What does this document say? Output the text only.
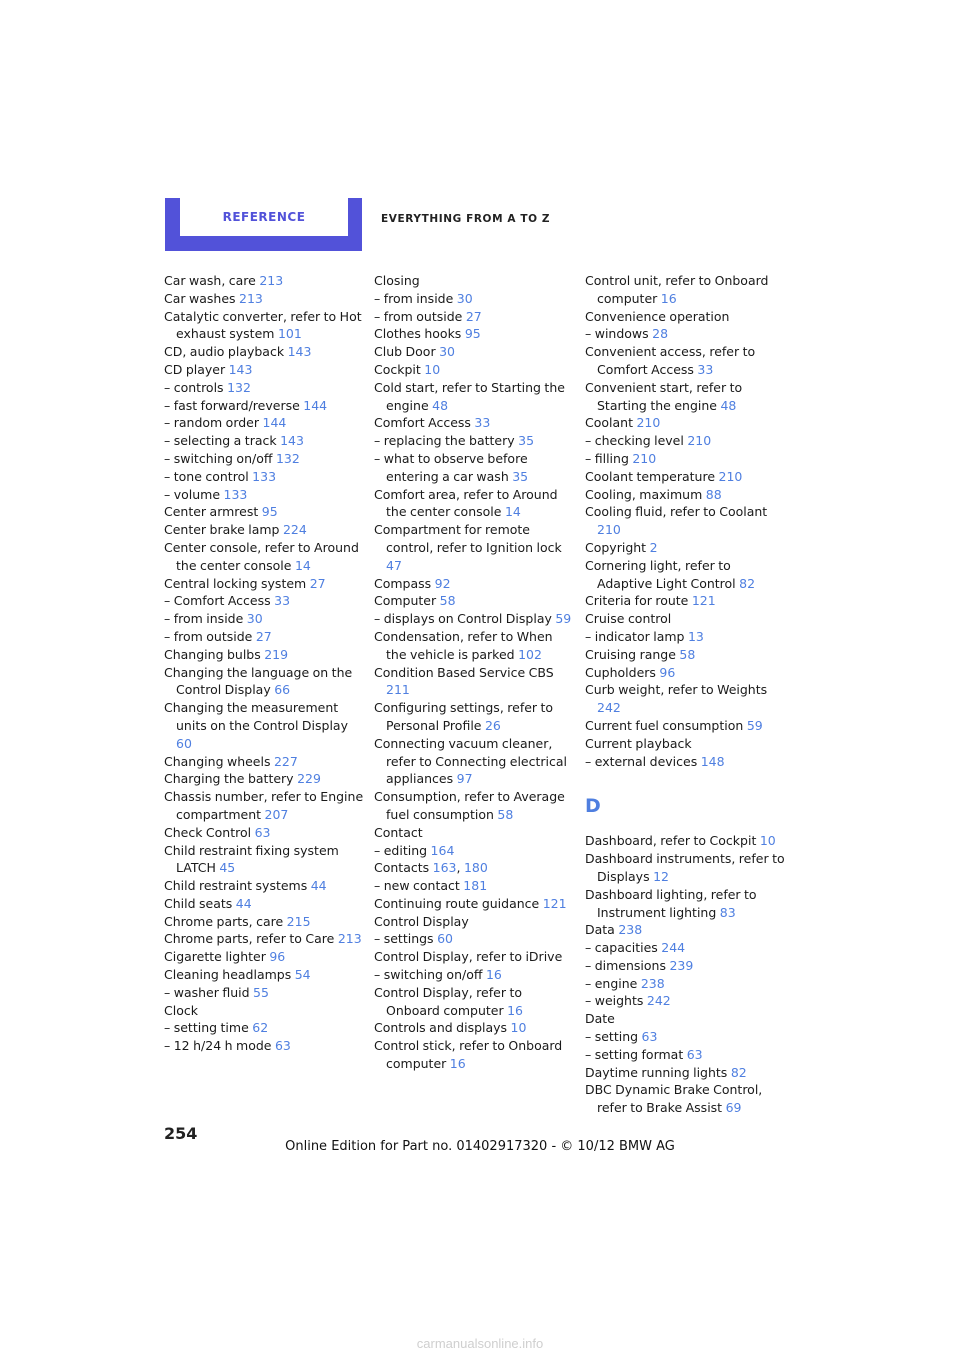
REFERENCE	EVERYTHING FROM A TO Z
Car wash, care 213
Car washes 213
Catalytic converter, refer to Hot exhaust system 101
CD, audio playback 143
CD player 143
– controls 132
– fast forward/reverse 144
– random order 144
– selecting a track 143
– switching on/off 132
– tone control 133
– volume 133
Center armrest 95
Center brake lamp 224
Center console, refer to Around the center console 14
Central locking system 27
– Comfort Access 33
– from inside 30
– from outside 27
Changing bulbs 219
Changing the language on the Control Display 66
Changing the measurement units on the Control Display 60
Changing wheels 227
Charging the battery 229
Chassis number, refer to Engine compartment 207
Check Control 63
Child restraint fixing system LATCH 45
Child restraint systems 44
Child seats 44
Chrome parts, care 215
Chrome parts, refer to Care 213
Cigarette lighter 96
Cleaning headlamps 54
– washer fluid 55
Clock
– setting time 62
– 12 h/24 h mode 63
Closing
– from inside 30
– from outside 27
Clothes hooks 95
Club Door 30
Cockpit 10
Cold start, refer to Starting the engine 48
Comfort Access 33
– replacing the battery 35
– what to observe before entering a car wash 35
Comfort area, refer to Around the center console 14
Compartment for remote control, refer to Ignition lock 47
Compass 92
Computer 58
– displays on Control Display 59
Condensation, refer to When the vehicle is parked 102
Condition Based Service CBS 211
Configuring settings, refer to Personal Profile 26
Connecting vacuum cleaner, refer to Connecting electrical appliances 97
Consumption, refer to Average fuel consumption 58
Contact
– editing 164
Contacts 163, 180
– new contact 181
Continuing route guidance 121
Control Display
– settings 60
Control Display, refer to iDrive
– switching on/off 16
Control Display, refer to Onboard computer 16
Controls and displays 10
Control stick, refer to Onboard computer 16
Control unit, refer to Onboard computer 16
Convenience operation
– windows 28
Convenient access, refer to Comfort Access 33
Convenient start, refer to Starting the engine 48
Coolant 210
– checking level 210
– filling 210
Coolant temperature 210
Cooling, maximum 88
Cooling fluid, refer to Coolant 210
Copyright 2
Cornering light, refer to Adaptive Light Control 82
Criteria for route 121
Cruise control
– indicator lamp 13
Cruising range 58
Cupholders 96
Curb weight, refer to Weights 242
Current fuel consumption 59
Current playback
– external devices 148
D
Dashboard, refer to Cockpit 10
Dashboard instruments, refer to Displays 12
Dashboard lighting, refer to Instrument lighting 83
Data 238
– capacities 244
– dimensions 239
– engine 238
– weights 242
Date
– setting 63
– setting format 63
Daytime running lights 82
DBC Dynamic Brake Control, refer to Brake Assist 69
254
Online Edition for Part no. 01402917320 - © 10/12 BMW AG
carmanualsonline.info
